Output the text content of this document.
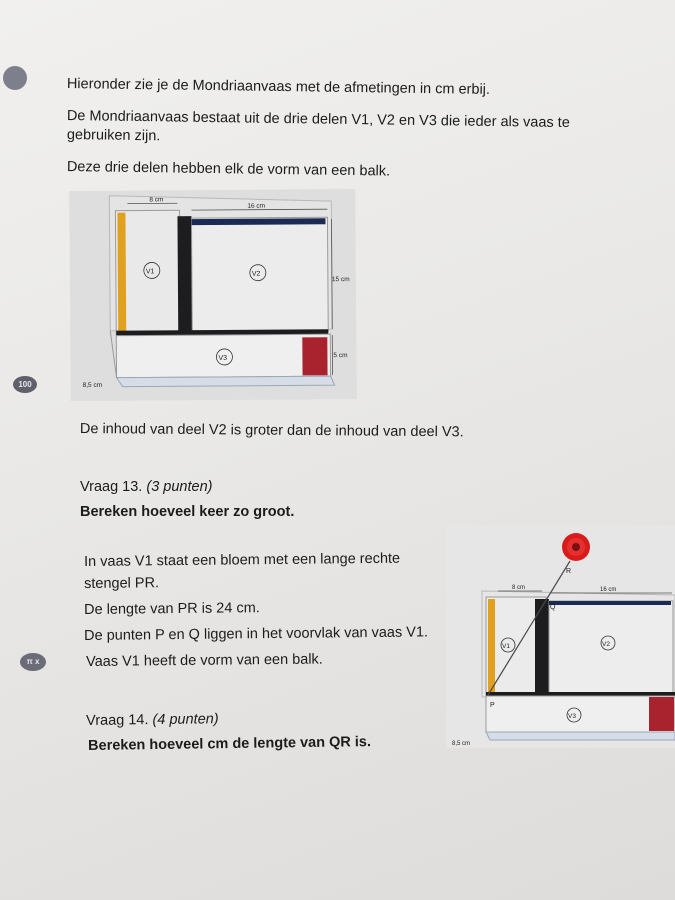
100
π x
Hieronder zie je de Mondriaanvaas met de afmetingen in cm erbij.
De Mondriaanvaas bestaat uit de drie delen V1, V2 en V3 die ieder als vaas te
gebruiken zijn.
Deze drie delen hebben elk de vorm van een balk.
8 cm
16 cm
15 cm
5 cm
8,5 cm
V1	V2
V3
De inhoud van deel V2 is groter dan de inhoud van deel V3.
Vraag 13. (3 punten)
Bereken hoeveel keer zo groot.
In vaas V1 staat een bloem met een lange rechte
stengel PR.
De lengte van PR is 24 cm.
De punten P en Q liggen in het voorvlak van vaas V1.
Vaas V1 heeft de vorm van een balk.
Vraag 14. (4 punten)
Bereken hoeveel cm de lengte van QR is.
8 cm	16 cm
8,5 cm
P
Q
R
V1	V2
V3
